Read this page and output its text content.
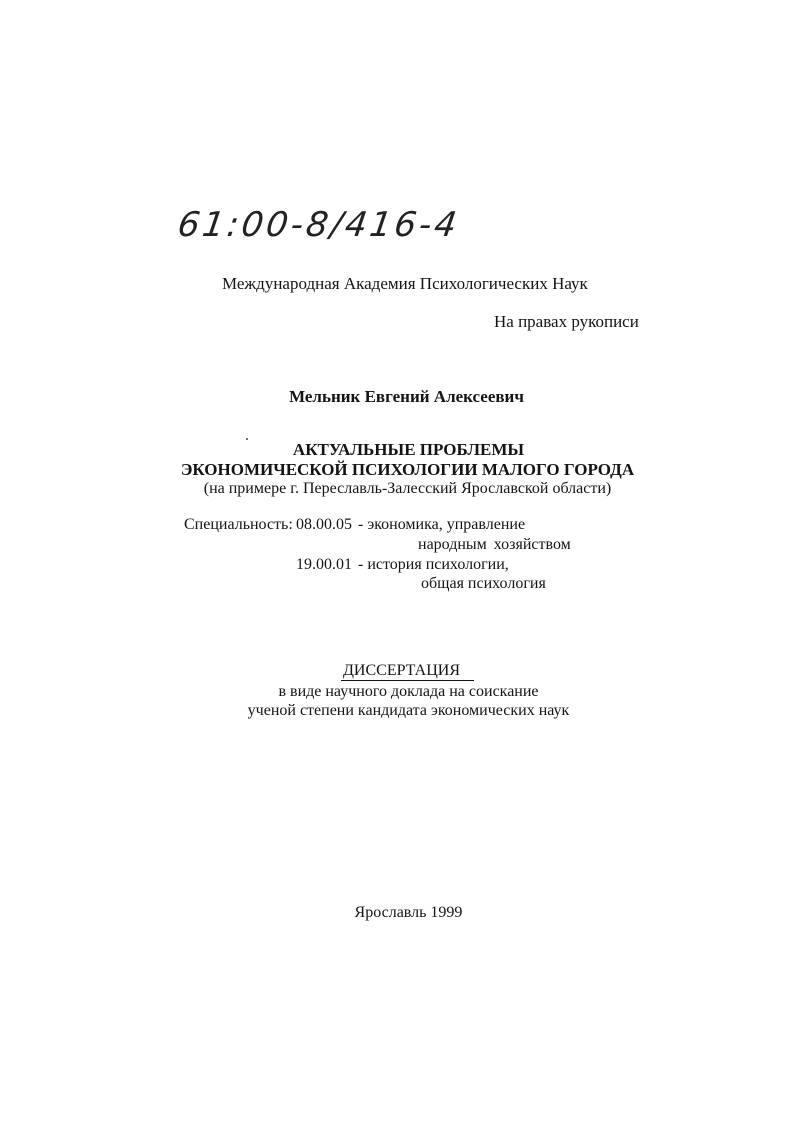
61:00-8/416-4
Международная Академия Психологических Наук
На правах рукописи
Мельник Евгений Алексеевич
АКТУАЛЬНЫЕ ПРОБЛЕМЫ
ЭКОНОМИЧЕСКОЙ ПСИХОЛОГИИ МАЛОГО ГОРОДА
(на примере г. Переславль-Залесский Ярославской области)
Специальность: 08.00.05 - экономика, управление
народным хозяйством
19.00.01 - история психологии,
общая психология
ДИССЕРТАЦИЯ
в виде научного доклада на соискание
ученой степени кандидата экономических наук
Ярославль 1999
